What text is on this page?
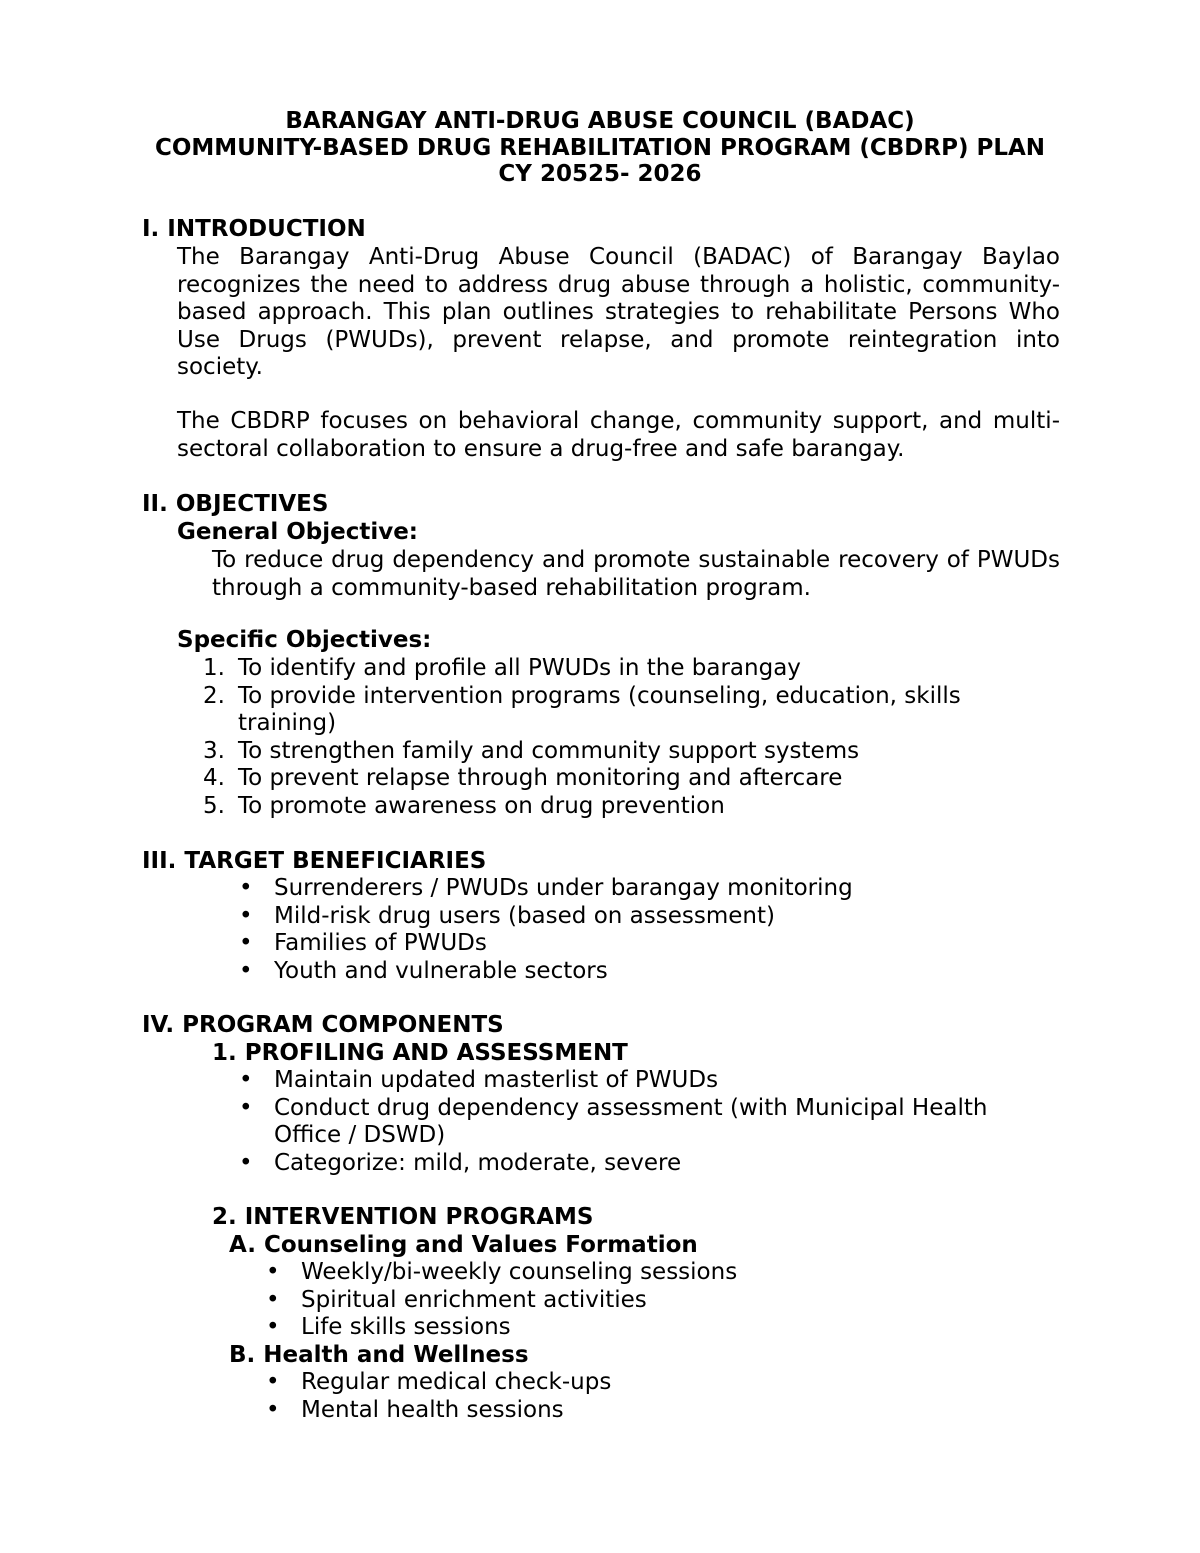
BARANGAY ANTI-DRUG ABUSE COUNCIL (BADAC)
COMMUNITY-BASED DRUG REHABILITATION PROGRAM (CBDRP) PLAN
CY 20525- 2026
I. INTRODUCTION
The Barangay Anti-Drug Abuse Council (BADAC) of Barangay Baylao recognizes the need to address drug abuse through a holistic, community-based approach. This plan outlines strategies to rehabilitate Persons Who Use Drugs (PWUDs), prevent relapse, and promote reintegration into society.
The CBDRP focuses on behavioral change, community support, and multi-sectoral collaboration to ensure a drug-free and safe barangay.
II. OBJECTIVES
General Objective:
To reduce drug dependency and promote sustainable recovery of PWUDs through a community-based rehabilitation program.
Specific Objectives:
1. To identify and profile all PWUDs in the barangay
2. To provide intervention programs (counseling, education, skills training)
3. To strengthen family and community support systems
4. To prevent relapse through monitoring and aftercare
5. To promote awareness on drug prevention
III. TARGET BENEFICIARIES
• Surrenderers / PWUDs under barangay monitoring
• Mild-risk drug users (based on assessment)
• Families of PWUDs
• Youth and vulnerable sectors
IV. PROGRAM COMPONENTS
1. PROFILING AND ASSESSMENT
• Maintain updated masterlist of PWUDs
• Conduct drug dependency assessment (with Municipal Health Office / DSWD)
• Categorize: mild, moderate, severe
2. INTERVENTION PROGRAMS
A. Counseling and Values Formation
• Weekly/bi-weekly counseling sessions
• Spiritual enrichment activities
• Life skills sessions
B. Health and Wellness
• Regular medical check-ups
• Mental health sessions
